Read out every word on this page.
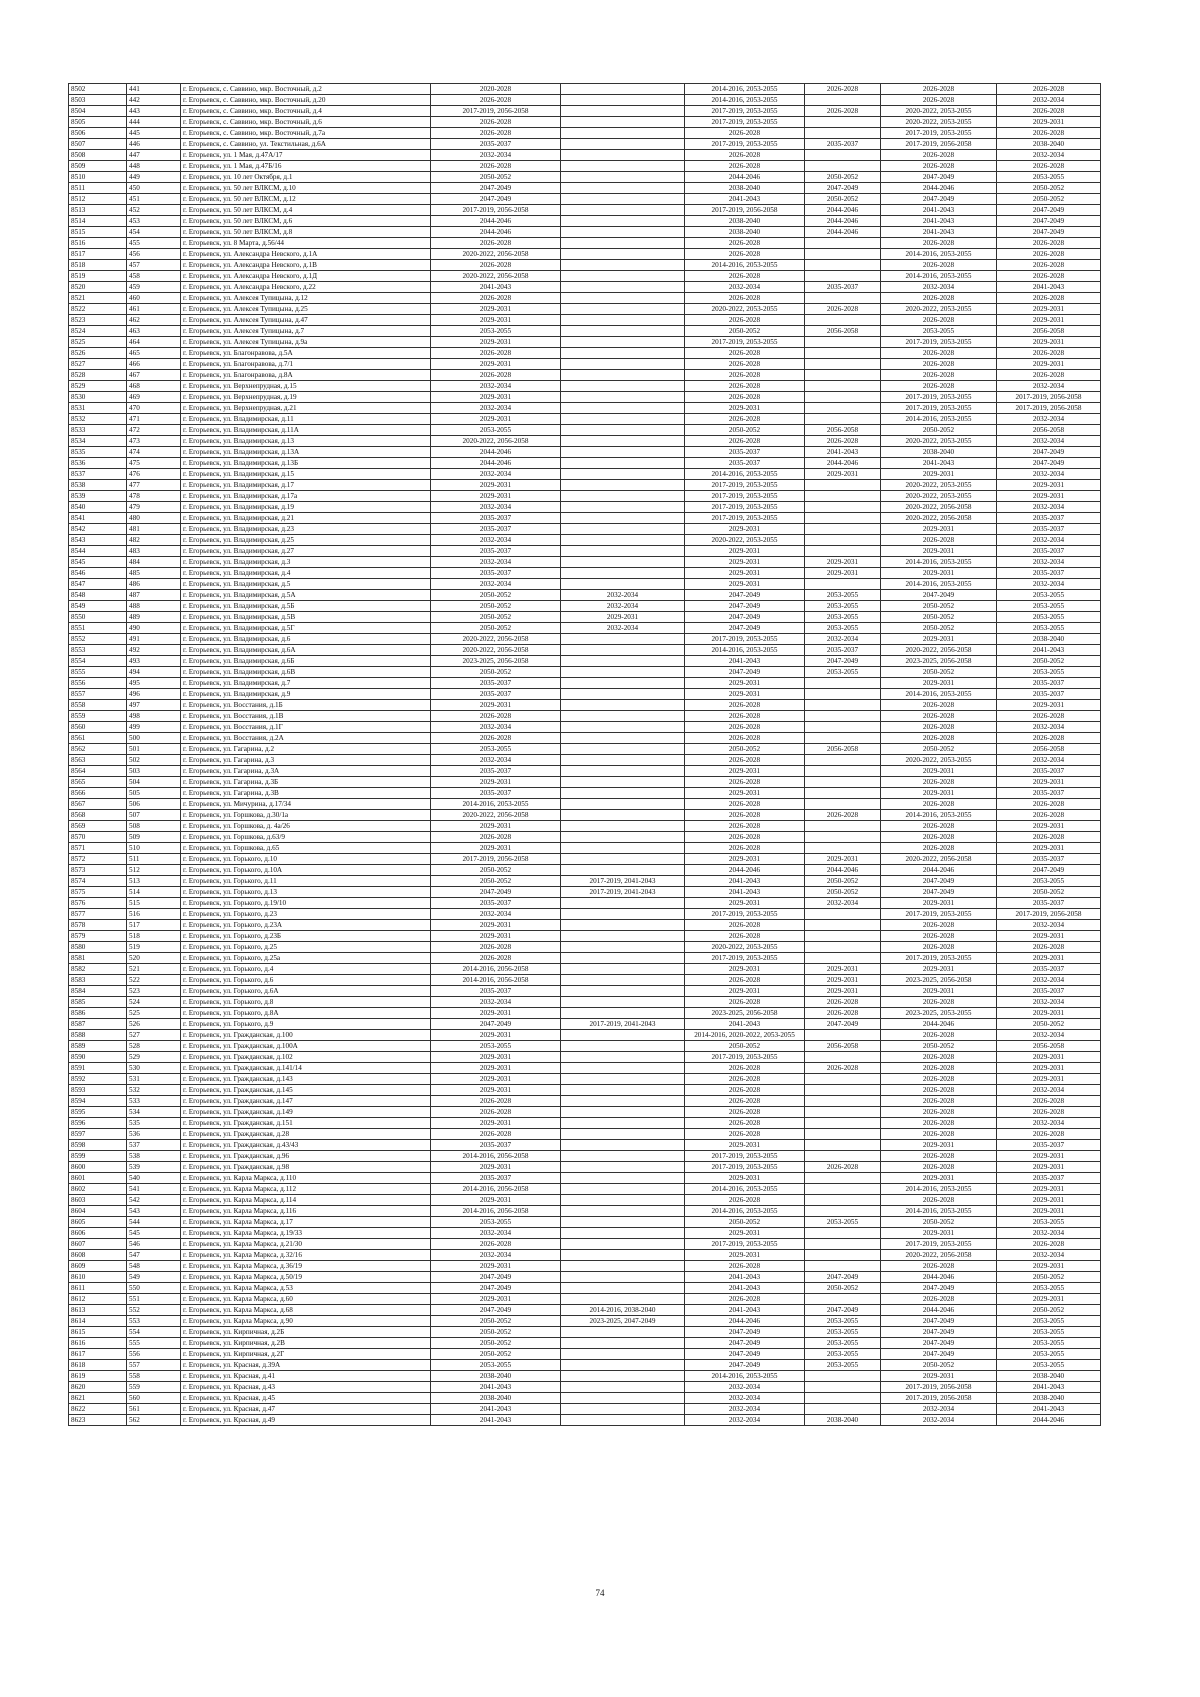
8502	441	г. Егорьевск, с. Саввино, мкр. Восточный, д.2	2020-2028		2014-2016, 2053-2055	2026-2028	2026-2028	2026-2028
8503	442	г. Егорьевск, с. Саввино, мкр. Восточный, д.20	2026-2028		2014-2016, 2053-2055		2026-2028	2032-2034
8504	443	г. Егорьевск, с. Саввино, мкр. Восточный, д.4	2017-2019, 2056-2058		2017-2019, 2053-2055	2026-2028	2020-2022, 2053-2055	2026-2028
8505	444	г. Егорьевск, с. Саввино, мкр. Восточный, д.6	2026-2028		2017-2019, 2053-2055		2020-2022, 2053-2055	2029-2031
8506	445	г. Егорьевск, с. Саввино, мкр. Восточный, д.7а	2026-2028		2026-2028		2017-2019, 2053-2055	2026-2028
8507	446	г. Егорьевск, с. Саввино, ул. Текстильная, д.6А	2035-2037		2017-2019, 2053-2055	2035-2037	2017-2019, 2056-2058	2038-2040
8508	447	г. Егорьевск, ул. 1 Мая, д.47А/17	2032-2034		2026-2028		2026-2028	2032-2034
8509	448	г. Егорьевск, ул. 1 Мая, д.47Б/16	2026-2028		2026-2028		2026-2028	2026-2028
8510	449	г. Егорьевск, ул. 10 лет Октября, д.1	2050-2052		2044-2046	2050-2052	2047-2049	2053-2055
8511	450	г. Егорьевск, ул. 50 лет ВЛКСМ, д.10	2047-2049		2038-2040	2047-2049	2044-2046	2050-2052
8512	451	г. Егорьевск, ул. 50 лет ВЛКСМ, д.12	2047-2049		2041-2043	2050-2052	2047-2049	2050-2052
8513	452	г. Егорьевск, ул. 50 лет ВЛКСМ, д.4	2017-2019, 2056-2058		2017-2019, 2056-2058	2044-2046	2041-2043	2047-2049
8514	453	г. Егорьевск, ул. 50 лет ВЛКСМ, д.6	2044-2046		2038-2040	2044-2046	2041-2043	2047-2049
8515	454	г. Егорьевск, ул. 50 лет ВЛКСМ, д.8	2044-2046		2038-2040	2044-2046	2041-2043	2047-2049
8516	455	г. Егорьевск, ул. 8 Марта, д.56/44	2026-2028		2026-2028		2026-2028	2026-2028
8517	456	г. Егорьевск, ул. Александра Невского, д.1А	2020-2022, 2056-2058		2026-2028		2014-2016, 2053-2055	2026-2028
8518	457	г. Егорьевск, ул. Александра Невского, д.1В	2026-2028		2014-2016, 2053-2055		2026-2028	2026-2028
8519	458	г. Егорьевск, ул. Александра Невского, д.1Д	2020-2022, 2056-2058		2026-2028		2014-2016, 2053-2055	2026-2028
8520	459	г. Егорьевск, ул. Александра Невского, д.22	2041-2043		2032-2034	2035-2037	2032-2034	2041-2043
8521	460	г. Егорьевск, ул. Алексея Тупицына, д.12	2026-2028		2026-2028		2026-2028	2026-2028
8522	461	г. Егорьевск, ул. Алексея Тупицына, д.25	2029-2031		2020-2022, 2053-2055	2026-2028	2020-2022, 2053-2055	2029-2031
8523	462	г. Егорьевск, ул. Алексея Тупицына, д.47	2029-2031		2026-2028		2026-2028	2029-2031
8524	463	г. Егорьевск, ул. Алексея Тупицына, д.7	2053-2055		2050-2052	2056-2058	2053-2055	2056-2058
8525	464	г. Егорьевск, ул. Алексея Тупицына, д.9а	2029-2031		2017-2019, 2053-2055		2017-2019, 2053-2055	2029-2031
8526	465	г. Егорьевск, ул. Благонравова, д.5А	2026-2028		2026-2028		2026-2028	2026-2028
8527	466	г. Егорьевск, ул. Благонравова, д.7/1	2029-2031		2026-2028		2026-2028	2029-2031
8528	467	г. Егорьевск, ул. Благонравова, д.8А	2026-2028		2026-2028		2026-2028	2026-2028
8529	468	г. Егорьевск, ул. Верхнепрудная, д.15	2032-2034		2026-2028		2026-2028	2032-2034
8530	469	г. Егорьевск, ул. Верхнепрудная, д.19	2029-2031		2026-2028		2017-2019, 2053-2055	2017-2019, 2056-2058
8531	470	г. Егорьевск, ул. Верхнепрудная, д.21	2032-2034		2029-2031		2017-2019, 2053-2055	2017-2019, 2056-2058
8532	471	г. Егорьевск, ул. Владимирская, д.11	2029-2031		2026-2028		2014-2016, 2053-2055	2032-2034
8533	472	г. Егорьевск, ул. Владимирская, д.11А	2053-2055		2050-2052	2056-2058	2050-2052	2056-2058
8534	473	г. Егорьевск, ул. Владимирская, д.13	2020-2022, 2056-2058		2026-2028	2026-2028	2020-2022, 2053-2055	2032-2034
8535	474	г. Егорьевск, ул. Владимирская, д.13А	2044-2046		2035-2037	2041-2043	2038-2040	2047-2049
8536	475	г. Егорьевск, ул. Владимирская, д.13Б	2044-2046		2035-2037	2044-2046	2041-2043	2047-2049
8537	476	г. Егорьевск, ул. Владимирская, д.15	2032-2034		2014-2016, 2053-2055	2029-2031	2029-2031	2032-2034
8538	477	г. Егорьевск, ул. Владимирская, д.17	2029-2031		2017-2019, 2053-2055		2020-2022, 2053-2055	2029-2031
8539	478	г. Егорьевск, ул. Владимирская, д.17а	2029-2031		2017-2019, 2053-2055		2020-2022, 2053-2055	2029-2031
8540	479	г. Егорьевск, ул. Владимирская, д.19	2032-2034		2017-2019, 2053-2055		2020-2022, 2056-2058	2032-2034
8541	480	г. Егорьевск, ул. Владимирская, д.21	2035-2037		2017-2019, 2053-2055		2020-2022, 2056-2058	2035-2037
8542	481	г. Егорьевск, ул. Владимирская, д.23	2035-2037		2029-2031		2029-2031	2035-2037
8543	482	г. Егорьевск, ул. Владимирская, д.25	2032-2034		2020-2022, 2053-2055		2026-2028	2032-2034
8544	483	г. Егорьевск, ул. Владимирская, д.27	2035-2037		2029-2031		2029-2031	2035-2037
8545	484	г. Егорьевск, ул. Владимирская, д.3	2032-2034		2029-2031	2029-2031	2014-2016, 2053-2055	2032-2034
8546	485	г. Егорьевск, ул. Владимирская, д.4	2035-2037		2029-2031	2029-2031	2029-2031	2035-2037
8547	486	г. Егорьевск, ул. Владимирская, д.5	2032-2034		2029-2031		2014-2016, 2053-2055	2032-2034
8548	487	г. Егорьевск, ул. Владимирская, д.5А	2050-2052	2032-2034	2047-2049	2053-2055	2047-2049	2053-2055
8549	488	г. Егорьевск, ул. Владимирская, д.5Б	2050-2052	2032-2034	2047-2049	2053-2055	2050-2052	2053-2055
8550	489	г. Егорьевск, ул. Владимирская, д.5В	2050-2052	2029-2031	2047-2049	2053-2055	2050-2052	2053-2055
8551	490	г. Егорьевск, ул. Владимирская, д.5Г	2050-2052	2032-2034	2047-2049	2053-2055	2050-2052	2053-2055
8552	491	г. Егорьевск, ул. Владимирская, д.6	2020-2022, 2056-2058		2017-2019, 2053-2055	2032-2034	2029-2031	2038-2040
8553	492	г. Егорьевск, ул. Владимирская, д.6А	2020-2022, 2056-2058		2014-2016, 2053-2055	2035-2037	2020-2022, 2056-2058	2041-2043
8554	493	г. Егорьевск, ул. Владимирская, д.6Б	2023-2025, 2056-2058		2041-2043	2047-2049	2023-2025, 2056-2058	2050-2052
8555	494	г. Егорьевск, ул. Владимирская, д.6В	2050-2052		2047-2049	2053-2055	2050-2052	2053-2055
8556	495	г. Егорьевск, ул. Владимирская, д.7	2035-2037		2029-2031		2029-2031	2035-2037
8557	496	г. Егорьевск, ул. Владимирская, д.9	2035-2037		2029-2031		2014-2016, 2053-2055	2035-2037
8558	497	г. Егорьевск, ул. Восстания, д.1Б	2029-2031		2026-2028		2026-2028	2029-2031
8559	498	г. Егорьевск, ул. Восстания, д.1В	2026-2028		2026-2028		2026-2028	2026-2028
8560	499	г. Егорьевск, ул. Восстания, д.1Г	2032-2034		2026-2028		2026-2028	2032-2034
8561	500	г. Егорьевск, ул. Восстания, д.2А	2026-2028		2026-2028		2026-2028	2026-2028
8562	501	г. Егорьевск, ул. Гагарина, д.2	2053-2055		2050-2052	2056-2058	2050-2052	2056-2058
8563	502	г. Егорьевск, ул. Гагарина, д.3	2032-2034		2026-2028		2020-2022, 2053-2055	2032-2034
8564	503	г. Егорьевск, ул. Гагарина, д.3А	2035-2037		2029-2031		2029-2031	2035-2037
8565	504	г. Егорьевск, ул. Гагарина, д.3Б	2029-2031		2026-2028		2026-2028	2029-2031
8566	505	г. Егорьевск, ул. Гагарина, д.3В	2035-2037		2029-2031		2029-2031	2035-2037
8567	506	г. Егорьевск, ул. Мичурина, д.17/34	2014-2016, 2053-2055		2026-2028		2026-2028	2026-2028
8568	507	г. Егорьевск, ул. Горшкова, д.30/1а	2020-2022, 2056-2058		2026-2028	2026-2028	2014-2016, 2053-2055	2026-2028
8569	508	г. Егорьевск, ул. Горшкова, д. 4а/26	2029-2031		2026-2028		2026-2028	2029-2031
8570	509	г. Егорьевск, ул. Горшкова, д.63/9	2026-2028		2026-2028		2026-2028	2026-2028
8571	510	г. Егорьевск, ул. Горшкова, д.65	2029-2031		2026-2028		2026-2028	2029-2031
8572	511	г. Егорьевск, ул. Горького, д.10	2017-2019, 2056-2058		2029-2031	2029-2031	2020-2022, 2056-2058	2035-2037
8573	512	г. Егорьевск, ул. Горького, д.10А	2050-2052		2044-2046	2044-2046	2044-2046	2047-2049
8574	513	г. Егорьевск, ул. Горького, д.11	2050-2052	2017-2019, 2041-2043	2041-2043	2050-2052	2047-2049	2053-2055
8575	514	г. Егорьевск, ул. Горького, д.13	2047-2049	2017-2019, 2041-2043	2041-2043	2050-2052	2047-2049	2050-2052
8576	515	г. Егорьевск, ул. Горького, д.19/10	2035-2037		2029-2031	2032-2034	2029-2031	2035-2037
8577	516	г. Егорьевск, ул. Горького, д.23	2032-2034		2017-2019, 2053-2055		2017-2019, 2053-2055	2017-2019, 2056-2058
8578	517	г. Егорьевск, ул. Горького, д.23А	2029-2031		2026-2028		2026-2028	2032-2034
8579	518	г. Егорьевск, ул. Горького, д.23Б	2029-2031		2026-2028		2026-2028	2029-2031
8580	519	г. Егорьевск, ул. Горького, д.25	2026-2028		2020-2022, 2053-2055		2026-2028	2026-2028
8581	520	г. Егорьевск, ул. Горького, д.25а	2026-2028		2017-2019, 2053-2055		2017-2019, 2053-2055	2029-2031
8582	521	г. Егорьевск, ул. Горького, д.4	2014-2016, 2056-2058		2029-2031	2029-2031	2029-2031	2035-2037
8583	522	г. Егорьевск, ул. Горького, д.6	2014-2016, 2056-2058		2026-2028	2029-2031	2023-2025, 2056-2058	2032-2034
8584	523	г. Егорьевск, ул. Горького, д.6А	2035-2037		2029-2031	2029-2031	2029-2031	2035-2037
8585	524	г. Егорьевск, ул. Горького, д.8	2032-2034		2026-2028	2026-2028	2026-2028	2032-2034
8586	525	г. Егорьевск, ул. Горького, д.8А	2029-2031		2023-2025, 2056-2058	2026-2028	2023-2025, 2053-2055	2029-2031
8587	526	г. Егорьевск, ул. Горького, д.9	2047-2049	2017-2019, 2041-2043	2041-2043	2047-2049	2044-2046	2050-2052
8588	527	г. Егорьевск, ул. Гражданская, д.100	2029-2031		2014-2016, 2020-2022, 2053-2055		2026-2028	2032-2034
8589	528	г. Егорьевск, ул. Гражданская, д.100А	2053-2055		2050-2052	2056-2058	2050-2052	2056-2058
8590	529	г. Егорьевск, ул. Гражданская, д.102	2029-2031		2017-2019, 2053-2055		2026-2028	2029-2031
8591	530	г. Егорьевск, ул. Гражданская, д.141/14	2029-2031		2026-2028	2026-2028	2026-2028	2029-2031
8592	531	г. Егорьевск, ул. Гражданская, д.143	2029-2031		2026-2028		2026-2028	2029-2031
8593	532	г. Егорьевск, ул. Гражданская, д.145	2029-2031		2026-2028		2026-2028	2032-2034
8594	533	г. Егорьевск, ул. Гражданская, д.147	2026-2028		2026-2028		2026-2028	2026-2028
8595	534	г. Егорьевск, ул. Гражданская, д.149	2026-2028		2026-2028		2026-2028	2026-2028
8596	535	г. Егорьевск, ул. Гражданская, д.151	2029-2031		2026-2028		2026-2028	2032-2034
8597	536	г. Егорьевск, ул. Гражданская, д.28	2026-2028		2026-2028		2026-2028	2026-2028
8598	537	г. Егорьевск, ул. Гражданская, д.43/43	2035-2037		2029-2031		2029-2031	2035-2037
8599	538	г. Егорьевск, ул. Гражданская, д.96	2014-2016, 2056-2058		2017-2019, 2053-2055		2026-2028	2029-2031
8600	539	г. Егорьевск, ул. Гражданская, д.98	2029-2031		2017-2019, 2053-2055	2026-2028	2026-2028	2029-2031
8601	540	г. Егорьевск, ул. Карла Маркса, д.110	2035-2037		2029-2031		2029-2031	2035-2037
8602	541	г. Егорьевск, ул. Карла Маркса, д.112	2014-2016, 2056-2058		2014-2016, 2053-2055		2014-2016, 2053-2055	2029-2031
8603	542	г. Егорьевск, ул. Карла Маркса, д.114	2029-2031		2026-2028		2026-2028	2029-2031
8604	543	г. Егорьевск, ул. Карла Маркса, д.116	2014-2016, 2056-2058		2014-2016, 2053-2055		2014-2016, 2053-2055	2029-2031
8605	544	г. Егорьевск, ул. Карла Маркса, д.17	2053-2055		2050-2052	2053-2055	2050-2052	2053-2055
8606	545	г. Егорьевск, ул. Карла Маркса, д.19/33	2032-2034		2029-2031		2029-2031	2032-2034
8607	546	г. Егорьевск, ул. Карла Маркса, д.21/30	2026-2028		2017-2019, 2053-2055		2017-2019, 2053-2055	2026-2028
8608	547	г. Егорьевск, ул. Карла Маркса, д.32/16	2032-2034		2029-2031		2020-2022, 2056-2058	2032-2034
8609	548	г. Егорьевск, ул. Карла Маркса, д.36/19	2029-2031		2026-2028		2026-2028	2029-2031
8610	549	г. Егорьевск, ул. Карла Маркса, д.50/19	2047-2049		2041-2043	2047-2049	2044-2046	2050-2052
8611	550	г. Егорьевск, ул. Карла Маркса, д.53	2047-2049		2041-2043	2050-2052	2047-2049	2053-2055
8612	551	г. Егорьевск, ул. Карла Маркса, д.60	2029-2031		2026-2028		2026-2028	2029-2031
8613	552	г. Егорьевск, ул. Карла Маркса, д.68	2047-2049	2014-2016, 2038-2040	2041-2043	2047-2049	2044-2046	2050-2052
8614	553	г. Егорьевск, ул. Карла Маркса, д.90	2050-2052	2023-2025, 2047-2049	2044-2046	2053-2055	2047-2049	2053-2055
8615	554	г. Егорьевск, ул. Кирпичная, д.2Б	2050-2052		2047-2049	2053-2055	2047-2049	2053-2055
8616	555	г. Егорьевск, ул. Кирпичная, д.2В	2050-2052		2047-2049	2053-2055	2047-2049	2053-2055
8617	556	г. Егорьевск, ул. Кирпичная, д.2Г	2050-2052		2047-2049	2053-2055	2047-2049	2053-2055
8618	557	г. Егорьевск, ул. Красная, д.39А	2053-2055		2047-2049	2053-2055	2050-2052	2053-2055
8619	558	г. Егорьевск, ул. Красная, д.41	2038-2040		2014-2016, 2053-2055		2029-2031	2038-2040
8620	559	г. Егорьевск, ул. Красная, д.43	2041-2043		2032-2034		2017-2019, 2056-2058	2041-2043
8621	560	г. Егорьевск, ул. Красная, д.45	2038-2040		2032-2034		2017-2019, 2056-2058	2038-2040
8622	561	г. Егорьевск, ул. Красная, д.47	2041-2043		2032-2034		2032-2034	2041-2043
8623	562	г. Егорьевск, ул. Красная, д.49	2041-2043		2032-2034	2038-2040	2032-2034	2044-2046
74
